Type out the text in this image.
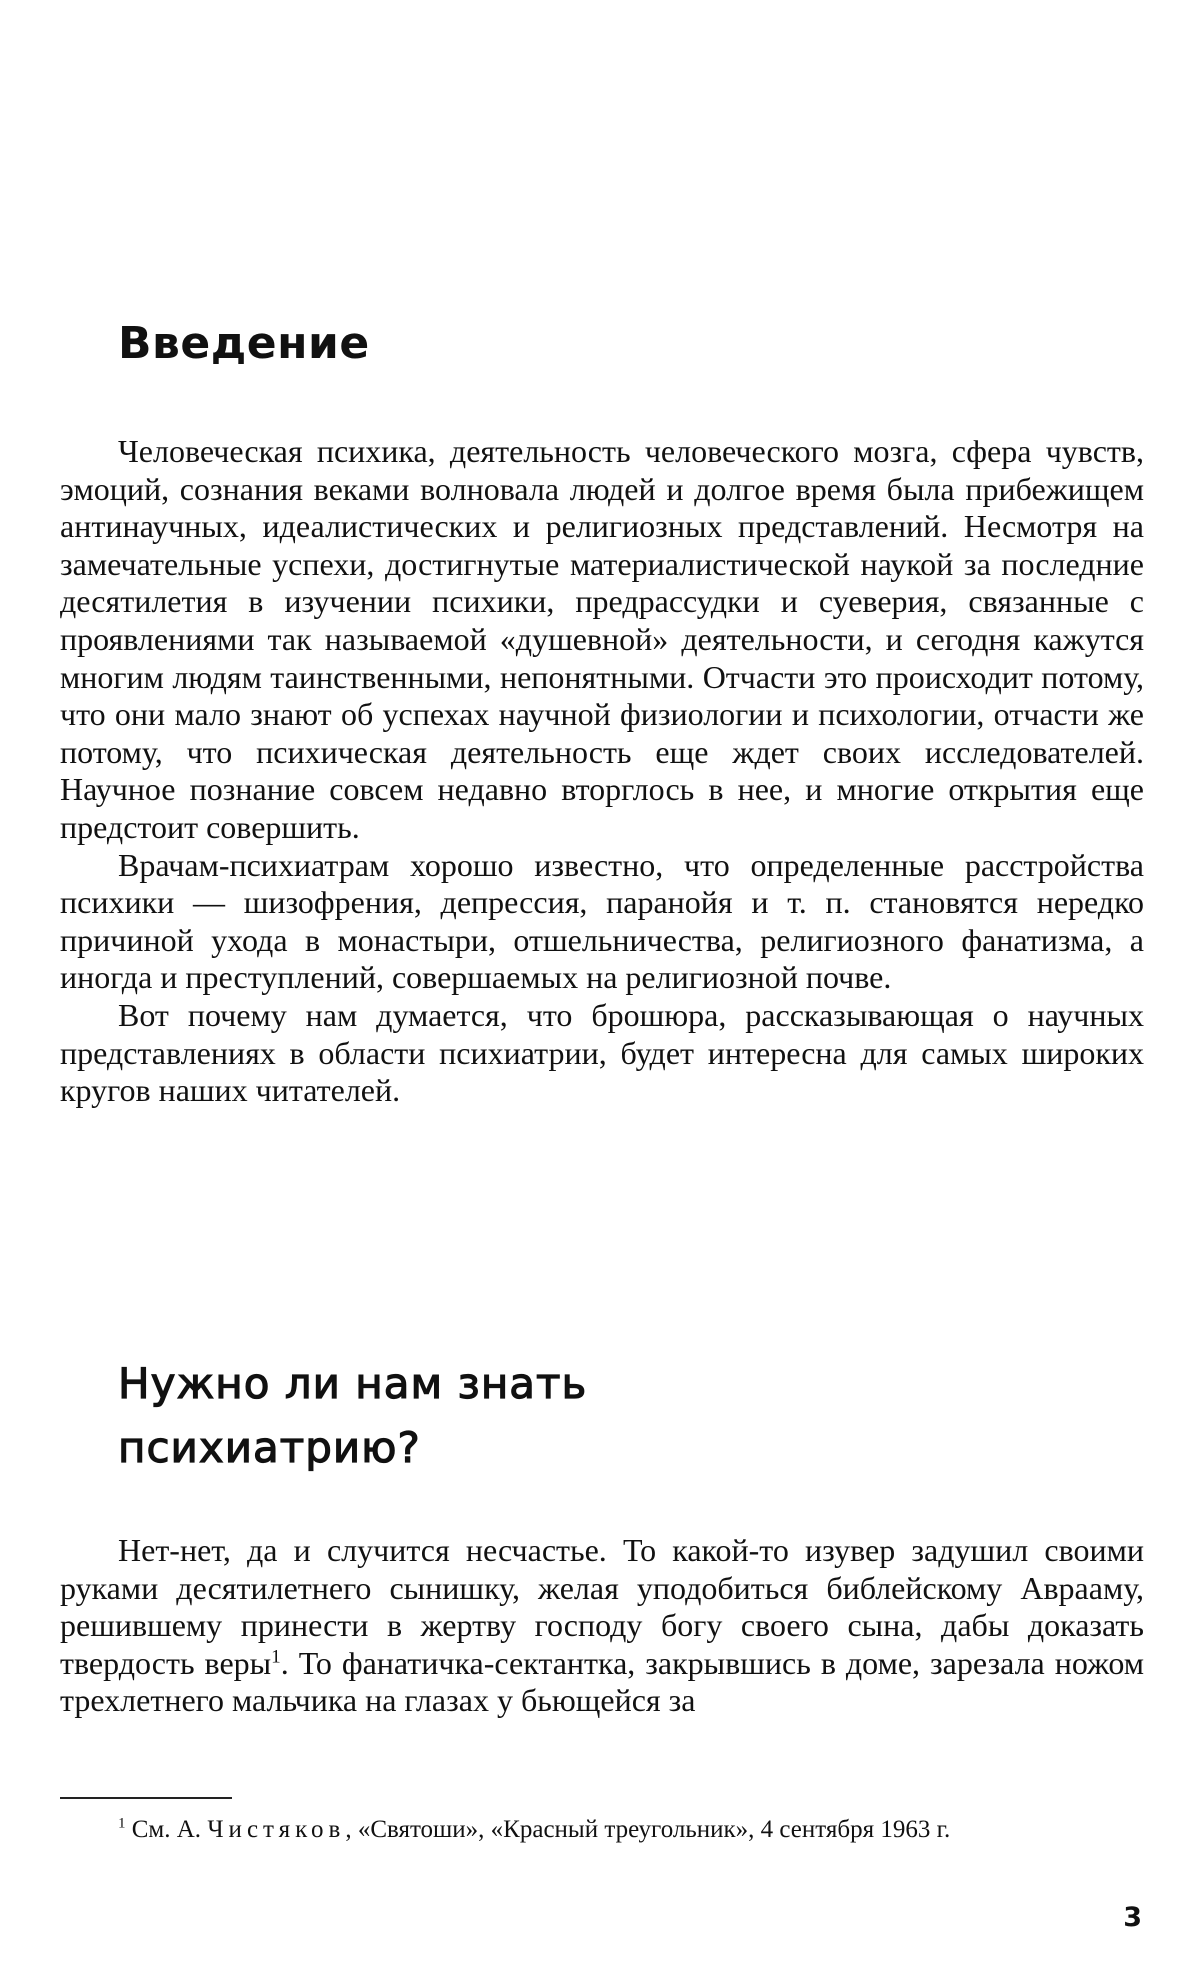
Введение

Человеческая психика, деятельность человеческого мозга, сфера чувств, эмоций, сознания веками волновала людей и долгое время была прибежищем антинаучных, идеалистических и религиозных представлений. Несмотря на замечательные успехи, достигнутые материалистической наукой за последние десятилетия в изучении психики, предрассудки и суеверия, связанные с проявлениями так называемой «душевной» деятельности, и сегодня кажутся многим людям таинственными, непонятными. Отчасти это происходит потому, что они мало знают об успехах научной физиологии и психологии, отчасти же потому, что психическая деятельность еще ждет своих исследователей. Научное познание совсем недавно вторглось в нее, и многие открытия еще предстоит совершить.

Врачам-психиатрам хорошо известно, что определенные расстройства психики — шизофрения, депрессия, паранойя и т. п. становятся нередко причиной ухода в монастыри, отшельничества, религиозного фанатизма, а иногда и преступлений, совершаемых на религиозной почве.

Вот почему нам думается, что брошюра, рассказывающая о научных представлениях в области психиатрии, будет интересна для самых широких кругов наших читателей.

Нужно ли нам знать
психиатрию?

Нет-нет, да и случится несчастье. То какой-то изувер задушил своими руками десятилетнего сынишку, желая уподобиться библейскому Аврааму, решившему принести в жертву господу богу своего сына, дабы доказать твердость веры$^1$. То фанатичка-сектантка, закрывшись в доме, зарезала ножом трехлетнего мальчика на глазах у бьющейся за

$^1$ См. А. Чистяков, «Святоши», «Красный треугольник», 4 сентября 1963 г.

3
